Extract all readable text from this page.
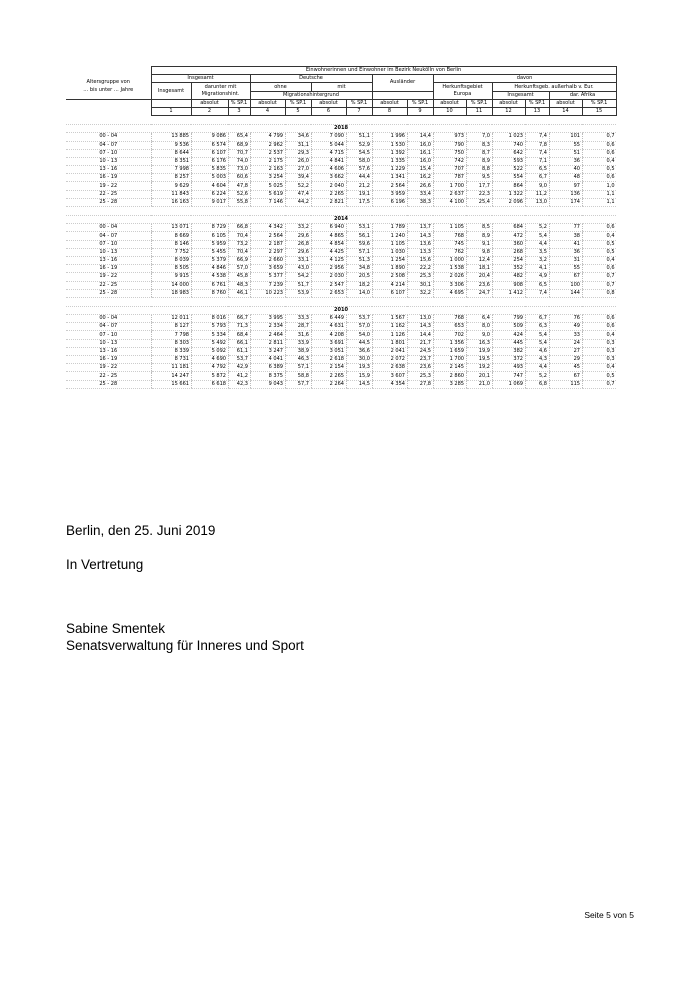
Altersgruppe von
… bis unter … Jahre	Einwohnerinnen und Einwohner im Bezirk Neukölln von Berlin														
	Insgesamt			Deutsche				Ausländer		davon					
	Insgesamt	darunter mit
Migrationshint.		ohne		mit				Herkunftsgebiet
Europa		Herkunftsgeb. außerhalb v. Eur.			
				Migrationshintergrund								Insgesamt		dar. Afrika	
		absolut	% SP.1	absolut	% SP.1	absolut	% SP.1	absolut	% SP.1	absolut	% SP.1	absolut	% SP.1	absolut	% SP.1
	1	2	3	4	5	6	7	8	9	10	11	12	13	14	15

2018															
00 - 04	13 885	9 086	65,4	4 799	34,6	7 090	51,1	1 996	14,4	973	7,0	1 023	7,4	101	0,7
04 - 07	9 536	6 574	68,9	2 962	31,1	5 044	52,9	1 530	16,0	790	8,3	740	7,8	55	0,6
07 - 10	8 644	6 107	70,7	2 537	29,3	4 715	54,5	1 392	16,1	750	8,7	642	7,4	51	0,6
10 - 13	8 351	6 176	74,0	2 175	26,0	4 841	58,0	1 335	16,0	742	8,9	593	7,1	36	0,4
13 - 16	7 998	5 835	73,0	2 163	27,0	4 606	57,6	1 229	15,4	707	8,8	522	6,5	40	0,5
16 - 19	8 257	5 003	60,6	3 254	39,4	3 662	44,4	1 341	16,2	787	9,5	554	6,7	48	0,6
19 - 22	9 629	4 604	47,8	5 025	52,2	2 040	21,2	2 564	26,6	1 700	17,7	864	9,0	97	1,0
22 - 25	11 843	6 224	52,6	5 619	47,4	2 265	19,1	3 959	33,4	2 637	22,3	1 322	11,2	136	1,1
25 - 28	16 163	9 017	55,8	7 146	44,2	2 821	17,5	6 196	38,3	4 100	25,4	2 096	13,0	174	1,1

2014															
00 - 04	13 071	8 729	66,8	4 342	33,2	6 940	53,1	1 789	13,7	1 105	8,5	684	5,2	77	0,6
04 - 07	8 669	6 105	70,4	2 564	29,6	4 865	56,1	1 240	14,3	768	8,9	472	5,4	38	0,4
07 - 10	8 146	5 959	73,2	2 187	26,8	4 854	59,6	1 105	13,6	745	9,1	360	4,4	41	0,5
10 - 13	7 752	5 455	70,4	2 297	29,6	4 425	57,1	1 030	13,3	762	9,8	268	3,5	36	0,5
13 - 16	8 039	5 379	66,9	2 660	33,1	4 125	51,3	1 254	15,6	1 000	12,4	254	3,2	31	0,4
16 - 19	8 505	4 846	57,0	3 659	43,0	2 956	34,8	1 890	22,2	1 538	18,1	352	4,1	55	0,6
19 - 22	9 915	4 538	45,8	5 377	54,2	2 030	20,5	2 508	25,3	2 026	20,4	482	4,9	67	0,7
22 - 25	14 000	6 761	48,3	7 239	51,7	2 547	18,2	4 214	30,1	3 306	23,6	908	6,5	100	0,7
25 - 28	18 983	8 760	46,1	10 223	53,9	2 653	14,0	6 107	32,2	4 695	24,7	1 412	7,4	144	0,8

2010															
00 - 04	12 011	8 016	66,7	3 995	33,3	6 449	53,7	1 567	13,0	768	6,4	799	6,7	76	0,6
04 - 07	8 127	5 793	71,3	2 334	28,7	4 631	57,0	1 162	14,3	653	8,0	509	6,3	49	0,6
07 - 10	7 798	5 334	68,4	2 464	31,6	4 208	54,0	1 126	14,4	702	9,0	424	5,4	33	0,4
10 - 13	8 303	5 492	66,1	2 811	33,9	3 691	44,5	1 801	21,7	1 356	16,3	445	5,4	24	0,3
13 - 16	8 339	5 092	61,1	3 247	38,9	3 051	36,6	2 041	24,5	1 659	19,9	382	4,6	27	0,3
16 - 19	8 731	4 690	53,7	4 041	46,3	2 618	30,0	2 072	23,7	1 700	19,5	372	4,3	29	0,3
19 - 22	11 181	4 792	42,9	6 389	57,1	2 154	19,3	2 638	23,6	2 145	19,2	493	4,4	45	0,4
22 - 25	14 247	5 872	41,2	8 375	58,8	2 265	15,9	3 607	25,3	2 860	20,1	747	5,2	67	0,5
25 - 28	15 661	6 618	42,3	9 043	57,7	2 264	14,5	4 354	27,8	3 285	21,0	1 069	6,8	115	0,7
Berlin, den 25. Juni 2019
In Vertretung
Sabine Smentek
Senatsverwaltung für Inneres und Sport
Seite 5 von 5
